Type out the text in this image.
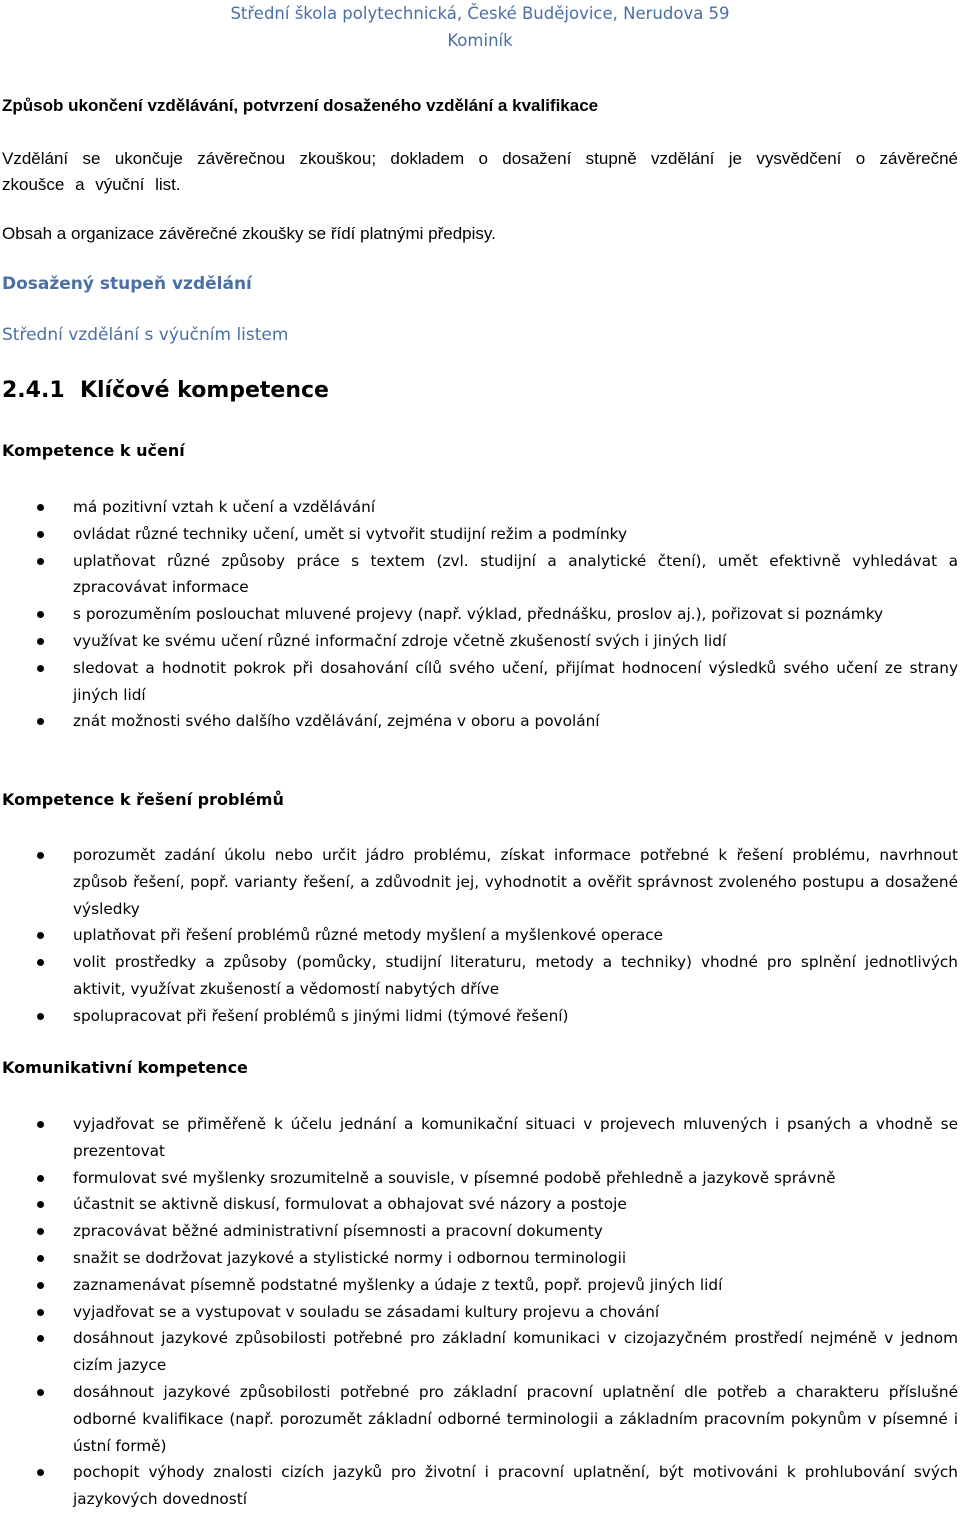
Střední škola polytechnická, České Budějovice, Nerudova 59
Kominík

Způsob ukončení vzdělávání, potvrzení dosaženého vzdělání a kvalifikace

Vzdělání se ukončuje závěrečnou zkouškou; dokladem o dosažení stupně vzdělání je vysvědčení o závěrečné zkoušce a výuční list.

Obsah a organizace závěrečné zkoušky se řídí platnými předpisy.

Dosažený stupeň vzdělání

Střední vzdělání s výučním listem

2.4.1  Klíčové kompetence

Kompetence k učení

má pozitivní vztah k učení a vzdělávání
ovládat různé techniky učení, umět si vytvořit studijní režim a podmínky
uplatňovat různé způsoby práce s textem (zvl. studijní a analytické čtení), umět efektivně vyhledávat a zpracovávat informace
s porozuměním poslouchat mluvené projevy (např. výklad, přednášku, proslov aj.), pořizovat si poznámky
využívat ke svému učení různé informační zdroje včetně zkušeností svých i jiných lidí
sledovat a hodnotit pokrok při dosahování cílů svého učení, přijímat hodnocení výsledků svého učení ze strany jiných lidí
znát možnosti svého dalšího vzdělávání, zejména v oboru a povolání

Kompetence k řešení problémů

porozumět zadání úkolu nebo určit jádro problému, získat informace potřebné k řešení problému, navrhnout způsob řešení, popř. varianty řešení, a zdůvodnit jej, vyhodnotit a ověřit správnost zvoleného postupu a dosažené výsledky
uplatňovat při řešení problémů různé metody myšlení a myšlenkové operace
volit prostředky a způsoby (pomůcky, studijní literaturu, metody a techniky) vhodné pro splnění jednotlivých aktivit, využívat zkušeností a vědomostí nabytých dříve
spolupracovat při řešení problémů s jinými lidmi (týmové řešení)

Komunikativní kompetence

vyjadřovat se přiměřeně k účelu jednání a komunikační situaci v projevech mluvených i psaných a vhodně se prezentovat
formulovat své myšlenky srozumitelně a souvisle, v písemné podobě přehledně a jazykově správně
účastnit se aktivně diskusí, formulovat a obhajovat své názory a postoje
zpracovávat běžné administrativní písemnosti a pracovní dokumenty
snažit se dodržovat jazykové a stylistické normy i odbornou terminologii
zaznamenávat písemně podstatné myšlenky a údaje z textů, popř. projevů jiných lidí
vyjadřovat se a vystupovat v souladu se zásadami kultury projevu a chování
dosáhnout jazykové způsobilosti potřebné pro základní komunikaci v cizojazyčném prostředí nejméně v jednom cizím jazyce
dosáhnout jazykové způsobilosti potřebné pro základní pracovní uplatnění dle potřeb a charakteru příslušné odborné kvalifikace (např. porozumět základní odborné terminologii a základním pracovním pokynům v písemné i ústní formě)
pochopit výhody znalosti cizích jazyků pro životní i pracovní uplatnění, být motivováni k prohlubování svých jazykových dovedností
